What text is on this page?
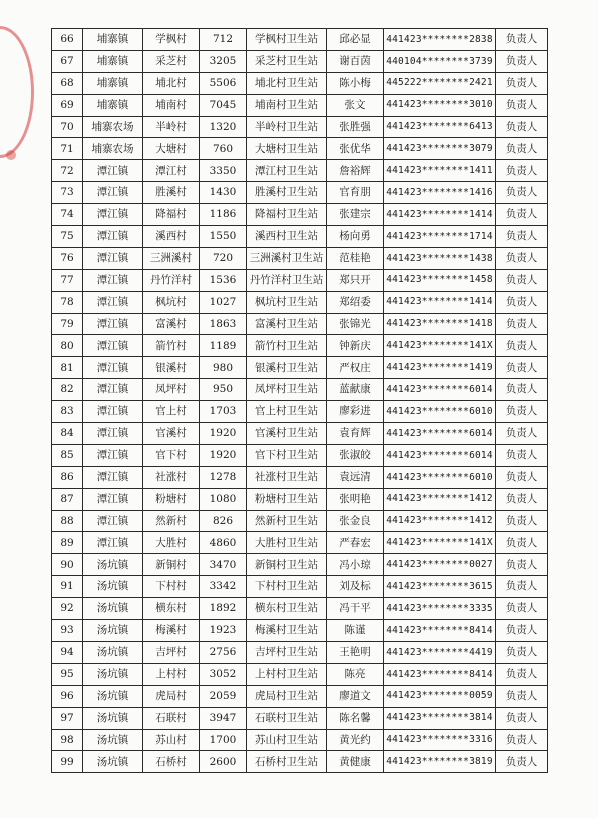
66	埔寨镇	学枫村	712	学枫村卫生站	邱必显	441423********2838	负责人
67	埔寨镇	采芝村	3205	采芝村卫生站	谢百茵	440104********3739	负责人
68	埔寨镇	埔北村	5506	埔北村卫生站	陈小梅	445222********2421	负责人
69	埔寨镇	埔南村	7045	埔南村卫生站	张文	441423********3010	负责人
70	埔寨农场	半岭村	1320	半岭村卫生站	张胜强	441423********6413	负责人
71	埔寨农场	大塘村	760	大塘村卫生站	张优华	441423********3079	负责人
72	潭江镇	潭江村	3350	潭江村卫生站	詹裕辉	441423********1411	负责人
73	潭江镇	胜溪村	1430	胜溪村卫生站	官育朋	441423********1416	负责人
74	潭江镇	降福村	1186	降福村卫生站	张建宗	441423********1414	负责人
75	潭江镇	溪西村	1550	溪西村卫生站	杨向勇	441423********1714	负责人
76	潭江镇	三洲溪村	720	三洲溪村卫生站	范桂艳	441423********1438	负责人
77	潭江镇	丹竹洋村	1536	丹竹洋村卫生站	郑只开	441423********1458	负责人
78	潭江镇	枫坑村	1027	枫坑村卫生站	郑绍委	441423********1414	负责人
79	潭江镇	富溪村	1863	富溪村卫生站	张锦光	441423********1418	负责人
80	潭江镇	箭竹村	1189	箭竹村卫生站	钟新庆	441423********141X	负责人
81	潭江镇	银溪村	980	银溪村卫生站	严权庄	441423********1419	负责人
82	潭江镇	凤坪村	950	凤坪村卫生站	蓝献康	441423********6014	负责人
83	潭江镇	官上村	1703	官上村卫生站	廖彩进	441423********6010	负责人
84	潭江镇	官溪村	1920	官溪村卫生站	袁育辉	441423********6014	负责人
85	潭江镇	官下村	1920	官下村卫生站	张淑皎	441423********6014	负责人
86	潭江镇	社涨村	1278	社涨村卫生站	袁远清	441423********6010	负责人
87	潭江镇	粉塘村	1080	粉塘村卫生站	张明艳	441423********1412	负责人
88	潭江镇	然新村	826	然新村卫生站	张金良	441423********1412	负责人
89	潭江镇	大胜村	4860	大胜村卫生站	严春宏	441423********141X	负责人
90	汤坑镇	新铜村	3470	新铜村卫生站	冯小琼	441423********0027	负责人
91	汤坑镇	下村村	3342	下村村卫生站	刘及标	441423********3615	负责人
92	汤坑镇	横东村	1892	横东村卫生站	冯干平	441423********3335	负责人
93	汤坑镇	梅溪村	1923	梅溪村卫生站	陈谨	441423********8414	负责人
94	汤坑镇	吉坪村	2756	吉坪村卫生站	王艳明	441423********4419	负责人
95	汤坑镇	上村村	3052	上村村卫生站	陈亮	441423********8414	负责人
96	汤坑镇	虎局村	2059	虎局村卫生站	廖道文	441423********0059	负责人
97	汤坑镇	石联村	3947	石联村卫生站	陈名馨	441423********3814	负责人
98	汤坑镇	苏山村	1700	苏山村卫生站	黄光约	441423********3316	负责人
99	汤坑镇	石桥村	2600	石桥村卫生站	黄健康	441423********3819	负责人
